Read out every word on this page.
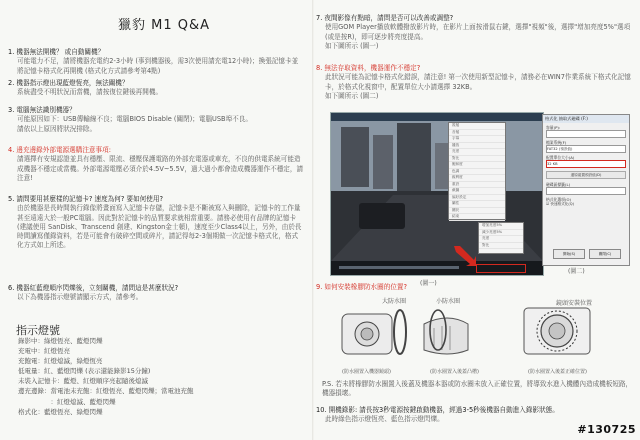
獵豹 M1 Q&A
1. 機器無法開機？ 或自動關機？
可能電力不足，請將機器充電約2-3小時 (事到機器後，需3次使用請充電12小時)；換張記憶卡並將記憶卡格式化再開機 (格式化方式請參考第4點)
2. 機器指示燈出現藍燈恆亮，無法關機？
系統盡受不明狀況而當機，請按復位鍵後再開機。
3. 電腦無法識別機器？
可能原因如下：USB傳輸線不良；電腦BIOS Disable (關閉)；電腦USB埠不良。
請依以上原因將狀況排除。
4. 邊充邊錄外部電源選購注意事項:
請選擇有安規認證並具有穩壓、限流、穩壓保護電路的外部充電器或車充，不良的供電系統可能造成機器不穩定或當機。外部電源電壓必須介於4.5V~5.5V，過大過小都會造成機器運作不穩定，請注意!
5. 請問要用甚麼樣的記憶卡? 速度為何? 要如何使用?
由於機器是長時間執行錄像將畫面寫入記憶卡存儲，記憶卡是不斷被寫入與刪除，記憶卡的工作量甚至遠遠大於一般PC電腦。因此對於記憶卡的品質要求就相當重要。請務必使用有品牌的記憶卡 (建議使用 SanDisk、Transcend 創建、Kingston金士頓)，速度至少Class4以上，另外，由於長時間讀寫僅錄資料，若是可能會有破碎空間或碎片，請記得每2-3個期做一次記憶卡格式化，格式化方式如上所述。
6. 機器紅藍燈順序閃爍後，立刻關機，請問這是甚麼狀況?
以下為機器指示燈號請顯示方式，請參考。
指示燈號
錄影中：綠燈恆亮、藍燈閃爍
充電中：紅燈恆亮
充飽電：紅燈熄滅，綠燈恆亮
低電量：紅、藍燈閃爍 (表示還能錄影15分鐘)
未裝入記憶卡：藍燈、紅燈順序亮起隨後熄滅
邊充邊錄：當電池未充飽：紅燈恆亮、藍燈閃爍；當電池充飽
　　　　　：紅燈熄滅、藍燈閃爍
格式化：藍燈恆亮、綠燈閃爍
7. 夜間影像有點暗，請問是否可以改善或調整?
使用GOM Player播放軟體撥放影片時，在影片上面按滑鼠右鍵，選擇"視頻"後，選擇"增加亮度5%"選項 (或是按R)，即可逐步將亮度提高。
如下圖所示 (圖一)
8. 無法存取資料，機器運作不穩定?
此狀況可能為記憶卡格式化錯誤，請注意! 第一次使用新型記憶卡，請務必在WIN7作業系統下格式化記憶卡，於格式化視窗中，配置單位大小請選擇 32KB。
如下圖所示 (圖二)
視頻
音頻
字幕
播放
亮度
對比
飽和度
色調
銳利度
重設
截圖
偏好設定
屬性
關於
結束
增加亮度5%
減少亮度5%
亮度
對比
(圖一)
格式化 抽取式磁碟 (F:)
容量(P):
檔案系統(F)
FAT32 (預設值)
配置單位大小(A)
32 KB
還原裝置預設值(D)
磁碟區標籤(L)
格式化選項(O)
☑ 快速格式化(Q)
開始(S)	關閉(C)
(圖二)
9. 如何安裝橡膠防水圈的位置?
大防水圈	小防水圈	鏡頭安裝位置
(防水圈置入機器鏡頭)	(防水圈置入後蓋凸槽)	(防水圈置入後蓋正確位置)
P.S. 若未將橡膠防水圈置入後蓋及機器本器或防水圈未放入正確位置，將導致水進入機體內造成機板短路，機器損壞。
10. 開機錄影: 請長按3秒電源按鍵啟動機器，經過3-5秒後機器自動進入錄影狀態。
此時綠色指示燈恆亮、藍色指示燈閃爍。
#130725
